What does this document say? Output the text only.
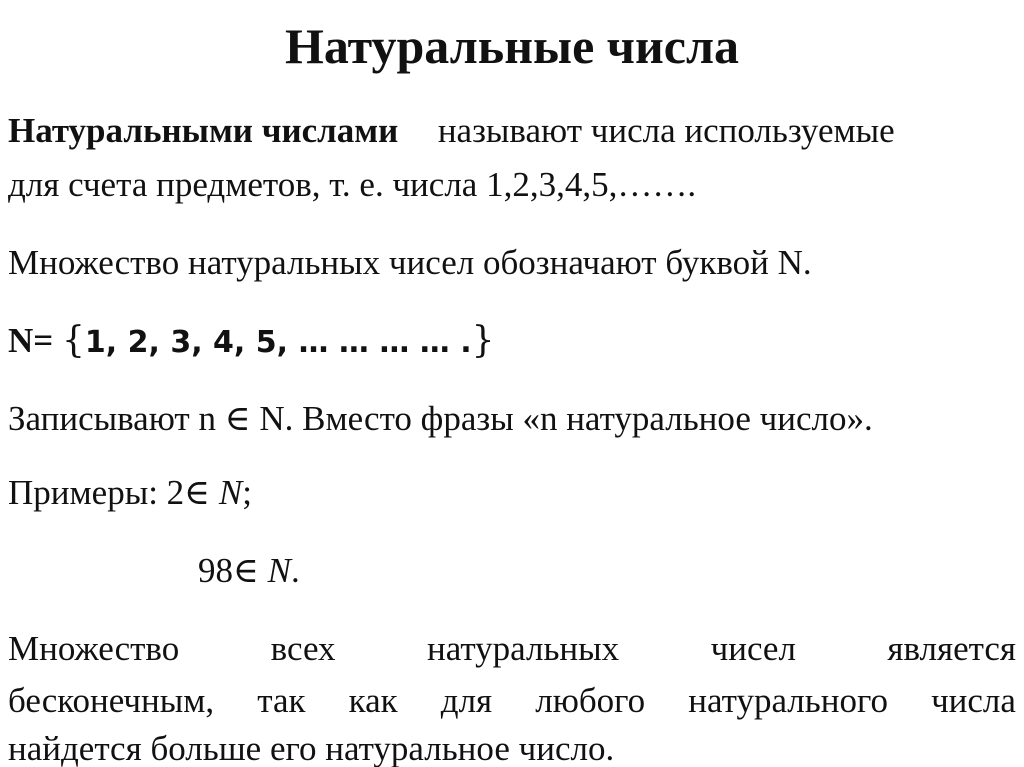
Натуральные числа
Натуральными числами называют числа используемые
для счета предметов, т. е. числа 1,2,3,4,5,…….
Множество натуральных чисел обозначают буквой N.
N= {1, 2, 3, 4, 5, … … … … .}
Записывают n ∈ N. Вместо фразы «n натуральное число».
Примеры: 2∈ N;
98∈ N.
Множество	всех	натуральных	чисел	является
бесконечным, так как для любого натурального числа
найдется больше его натуральное число.
